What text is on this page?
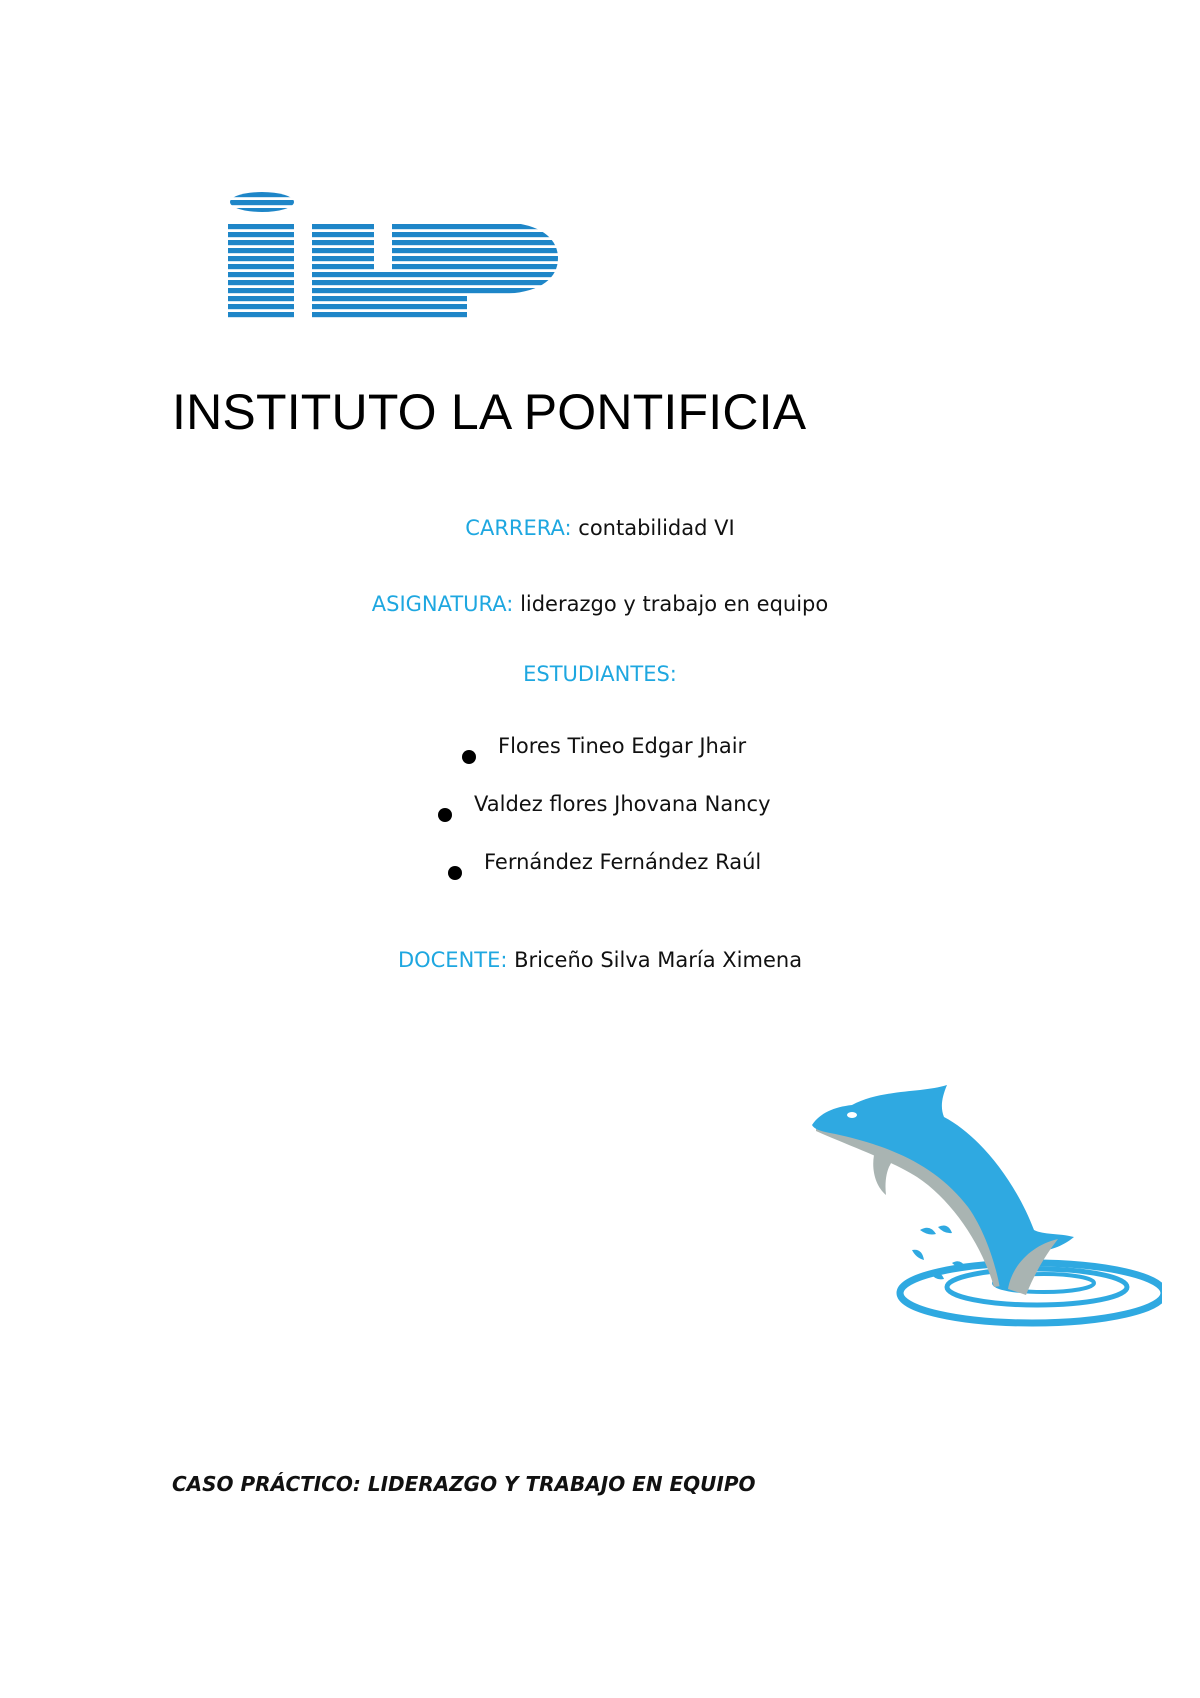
INSTITUTO LA PONTIFICIA
CARRERA: contabilidad VI
ASIGNATURA: liderazgo y trabajo en equipo
ESTUDIANTES:
Flores Tineo Edgar Jhair
Valdez flores Jhovana Nancy
Fernández Fernández Raúl
DOCENTE: Briceño Silva María Ximena
CASO PRÁCTICO: LIDERAZGO Y TRABAJO EN EQUIPO
